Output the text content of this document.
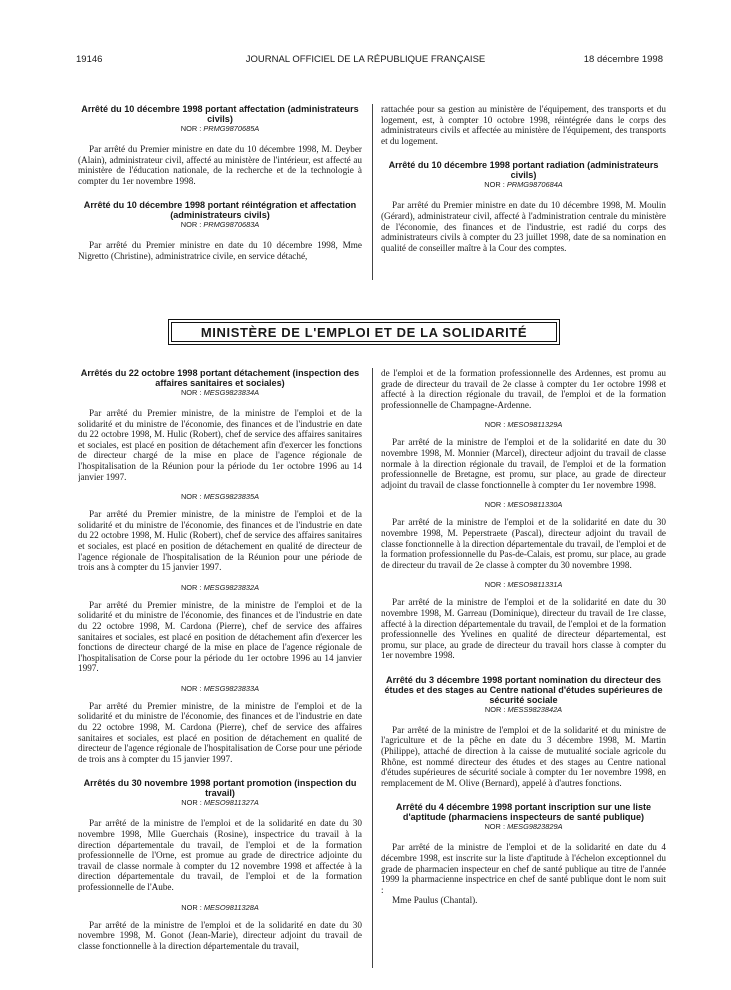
19146	JOURNAL OFFICIEL DE LA RÉPUBLIQUE FRANÇAISE	18 décembre 1998
Arrêté du 10 décembre 1998 portant affectation (administrateurs civils)
NOR : PRMG9870685A

Par arrêté du Premier ministre en date du 10 décembre 1998, M. Deyber (Alain), administrateur civil, affecté au ministère de l'intérieur, est affecté au ministère de l'éducation nationale, de la recherche et de la technologie à compter du 1er novembre 1998.

Arrêté du 10 décembre 1998 portant réintégration et affectation (administrateurs civils)
NOR : PRMG9870683A

Par arrêté du Premier ministre en date du 10 décembre 1998, Mme Nigretto (Christine), administratrice civile, en service détaché,

rattachée pour sa gestion au ministère de l'équipement, des transports et du logement, est, à compter 10 octobre 1998, réintégrée dans le corps des administrateurs civils et affectée au ministère de l'équipement, des transports et du logement.

Arrêté du 10 décembre 1998 portant radiation (administrateurs civils)
NOR : PRMG9870684A

Par arrêté du Premier ministre en date du 10 décembre 1998, M. Moulin (Gérard), administrateur civil, affecté à l'administration centrale du ministère de l'économie, des finances et de l'industrie, est radié du corps des administrateurs civils à compter du 23 juillet 1998, date de sa nomination en qualité de conseiller maître à la Cour des comptes.

MINISTÈRE DE L'EMPLOI ET DE LA SOLIDARITÉ
Arrêtés du 22 octobre 1998 portant détachement (inspection des affaires sanitaires et sociales)
NOR : MESG9823834A

Par arrêté du Premier ministre, de la ministre de l'emploi et de la solidarité et du ministre de l'économie, des finances et de l'industrie en date du 22 octobre 1998, M. Hulic (Robert), chef de service des affaires sanitaires et sociales, est placé en position de détachement afin d'exercer les fonctions de directeur chargé de la mise en place de l'agence régionale de l'hospitalisation de la Réunion pour la période du 1er octobre 1996 au 14 janvier 1997.

NOR : MESG9823835A

Par arrêté du Premier ministre, de la ministre de l'emploi et de la solidarité et du ministre de l'économie, des finances et de l'industrie en date du 22 octobre 1998, M. Hulic (Robert), chef de service des affaires sanitaires et sociales, est placé en position de détachement en qualité de directeur de l'agence régionale de l'hospitalisation de la Réunion pour une période de trois ans à compter du 15 janvier 1997.

NOR : MESG9823832A

Par arrêté du Premier ministre, de la ministre de l'emploi et de la solidarité et du ministre de l'économie, des finances et de l'industrie en date du 22 octobre 1998, M. Cardona (Pierre), chef de service des affaires sanitaires et sociales, est placé en position de détachement afin d'exercer les fonctions de directeur chargé de la mise en place de l'agence régionale de l'hospitalisation de Corse pour la période du 1er octobre 1996 au 14 janvier 1997.

NOR : MESG9823833A

Par arrêté du Premier ministre, de la ministre de l'emploi et de la solidarité et du ministre de l'économie, des finances et de l'industrie en date du 22 octobre 1998, M. Cardona (Pierre), chef de service des affaires sanitaires et sociales, est placé en position de détachement en qualité de directeur de l'agence régionale de l'hospitalisation de Corse pour une période de trois ans à compter du 15 janvier 1997.

Arrêtés du 30 novembre 1998 portant promotion (inspection du travail)
NOR : MESO9811327A

Par arrêté de la ministre de l'emploi et de la solidarité en date du 30 novembre 1998, Mlle Guerchais (Rosine), inspectrice du travail à la direction départementale du travail, de l'emploi et de la formation professionnelle de l'Orne, est promue au grade de directrice adjointe du travail de classe normale à compter du 12 novembre 1998 et affectée à la direction départementale du travail, de l'emploi et de la formation professionnelle de l'Aube.

NOR : MESO9811328A

Par arrêté de la ministre de l'emploi et de la solidarité en date du 30 novembre 1998, M. Gonot (Jean-Marie), directeur adjoint du travail de classe fonctionnelle à la direction départementale du travail,

de l'emploi et de la formation professionnelle des Ardennes, est promu au grade de directeur du travail de 2e classe à compter du 1er octobre 1998 et affecté à la direction régionale du travail, de l'emploi et de la formation professionnelle de Champagne-Ardenne.

NOR : MESO9811329A

Par arrêté de la ministre de l'emploi et de la solidarité en date du 30 novembre 1998, M. Monnier (Marcel), directeur adjoint du travail de classe normale à la direction régionale du travail, de l'emploi et de la formation professionnelle de Bretagne, est promu, sur place, au grade de directeur adjoint du travail de classe fonctionnelle à compter du 1er novembre 1998.

NOR : MESO9811330A

Par arrêté de la ministre de l'emploi et de la solidarité en date du 30 novembre 1998, M. Peperstraete (Pascal), directeur adjoint du travail de classe fonctionnelle à la direction départementale du travail, de l'emploi et de la formation professionnelle du Pas-de-Calais, est promu, sur place, au grade de directeur du travail de 2e classe à compter du 30 novembre 1998.

NOR : MESO9811331A

Par arrêté de la ministre de l'emploi et de la solidarité en date du 30 novembre 1998, M. Garreau (Dominique), directeur du travail de 1re classe, affecté à la direction départementale du travail, de l'emploi et de la formation professionnelle des Yvelines en qualité de directeur départemental, est promu, sur place, au grade de directeur du travail hors classe à compter du 1er novembre 1998.

Arrêté du 3 décembre 1998 portant nomination du directeur des études et des stages au Centre national d'études supérieures de sécurité sociale
NOR : MESS9823842A

Par arrêté de la ministre de l'emploi et de la solidarité et du ministre de l'agriculture et de la pêche en date du 3 décembre 1998, M. Martin (Philippe), attaché de direction à la caisse de mutualité sociale agricole du Rhône, est nommé directeur des études et des stages au Centre national d'études supérieures de sécurité sociale à compter du 1er novembre 1998, en remplacement de M. Olive (Bernard), appelé à d'autres fonctions.

Arrêté du 4 décembre 1998 portant inscription sur une liste d'aptitude (pharmaciens inspecteurs de santé publique)
NOR : MESG9823829A

Par arrêté de la ministre de l'emploi et de la solidarité en date du 4 décembre 1998, est inscrite sur la liste d'aptitude à l'échelon exceptionnel du grade de pharmacien inspecteur en chef de santé publique au titre de l'année 1999 la pharmacienne inspectrice en chef de santé publique dont le nom suit :

Mme Paulus (Chantal).
